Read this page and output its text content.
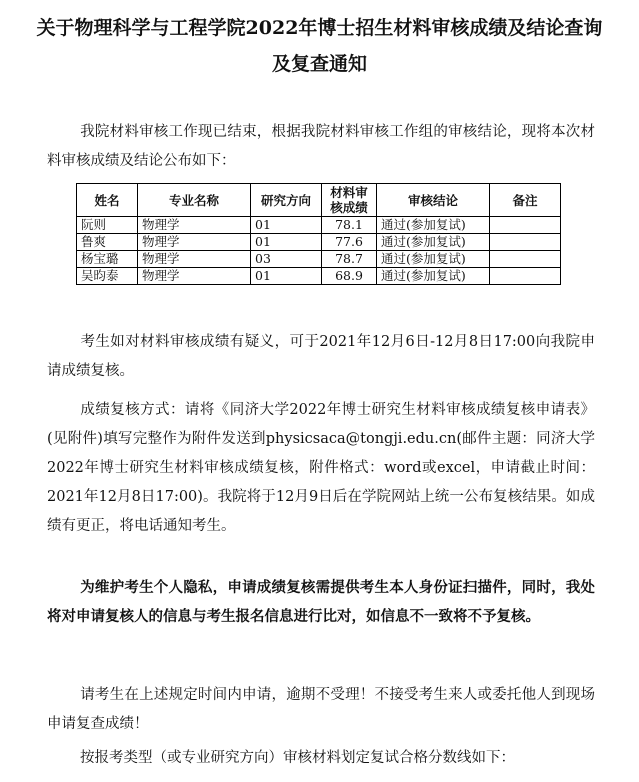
关于物理科学与工程学院2022年博士招生材料审核成绩及结论查询
及复查通知
我院材料审核工作现已结束，根据我院材料审核工作组的审核结论，现将本次材料审核成绩及结论公布如下：
姓名	专业名称	研究方向	材料审核成绩	审核结论	备注
阮则	物理学	01	78.1	通过(参加复试)	
鲁爽	物理学	01	77.6	通过(参加复试)	
杨宝璐	物理学	03	78.7	通过(参加复试)	
吴昀泰	物理学	01	68.9	通过(参加复试)	
考生如对材料审核成绩有疑义，可于2021年12月6日-12月8日17:00向我院申请成绩复核。
成绩复核方式：请将《同济大学2022年博士研究生材料审核成绩复核申请表》(见附件)填写完整作为附件发送到physicsaca@tongji.edu.cn(邮件主题：同济大学2022年博士研究生材料审核成绩复核，附件格式：word或excel，申请截止时间：2021年12月8日17:00)。我院将于12月9日后在学院网站上统一公布复核结果。如成绩有更正，将电话通知考生。
为维护考生个人隐私，申请成绩复核需提供考生本人身份证扫描件，同时，我处将对申请复核人的信息与考生报名信息进行比对，如信息不一致将不予复核。
请考生在上述规定时间内申请，逾期不受理！不接受考生来人或委托他人到现场申请复查成绩！
按报考类型（或专业研究方向）审核材料划定复试合格分数线如下：
